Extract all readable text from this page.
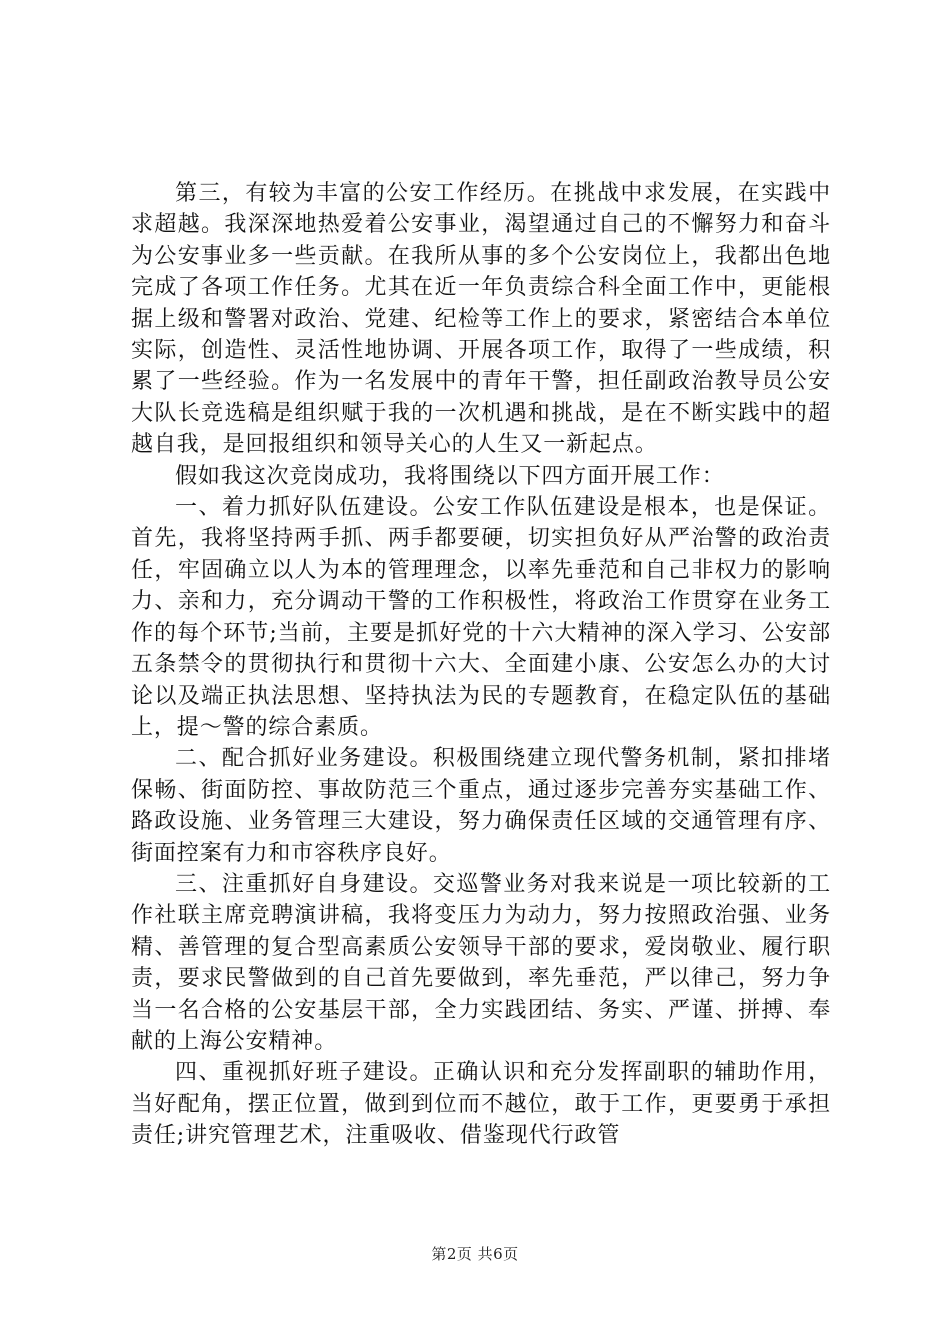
第三，有较为丰富的公安工作经历。在挑战中求发展，在实践中求超越。我深深地热爱着公安事业，渴望通过自己的不懈努力和奋斗为公安事业多一些贡献。在我所从事的多个公安岗位上，我都出色地完成了各项工作任务。尤其在近一年负责综合科全面工作中，更能根据上级和警署对政治、党建、纪检等工作上的要求，紧密结合本单位实际，创造性、灵活性地协调、开展各项工作，取得了一些成绩，积累了一些经验。作为一名发展中的青年干警，担任副政治教导员公安大队长竞选稿是组织赋于我的一次机遇和挑战，是在不断实践中的超越自我，是回报组织和领导关心的人生又一新起点。

假如我这次竞岗成功，我将围绕以下四方面开展工作：

一、着力抓好队伍建设。公安工作队伍建设是根本，也是保证。首先，我将坚持两手抓、两手都要硬，切实担负好从严治警的政治责任，牢固确立以人为本的管理理念，以率先垂范和自己非权力的影响力、亲和力，充分调动干警的工作积极性，将政治工作贯穿在业务工作的每个环节;当前，主要是抓好党的十六大精神的深入学习、公安部五条禁令的贯彻执行和贯彻十六大、全面建小康、公安怎么办的大讨论以及端正执法思想、坚持执法为民的专题教育，在稳定队伍的基础上，提～警的综合素质。

二、配合抓好业务建设。积极围绕建立现代警务机制，紧扣排堵保畅、街面防控、事故防范三个重点，通过逐步完善夯实基础工作、路政设施、业务管理三大建设，努力确保责任区域的交通管理有序、街面控案有力和市容秩序良好。

三、注重抓好自身建设。交巡警业务对我来说是一项比较新的工作社联主席竞聘演讲稿，我将变压力为动力，努力按照政治强、业务精、善管理的复合型高素质公安领导干部的要求，爱岗敬业、履行职责，要求民警做到的自己首先要做到，率先垂范，严以律己，努力争当一名合格的公安基层干部，全力实践团结、务实、严谨、拼搏、奉献的上海公安精神。

四、重视抓好班子建设。正确认识和充分发挥副职的辅助作用，当好配角，摆正位置，做到到位而不越位，敢于工作，更要勇于承担责任;讲究管理艺术，注重吸收、借鉴现代行政管

第2页 共6页
